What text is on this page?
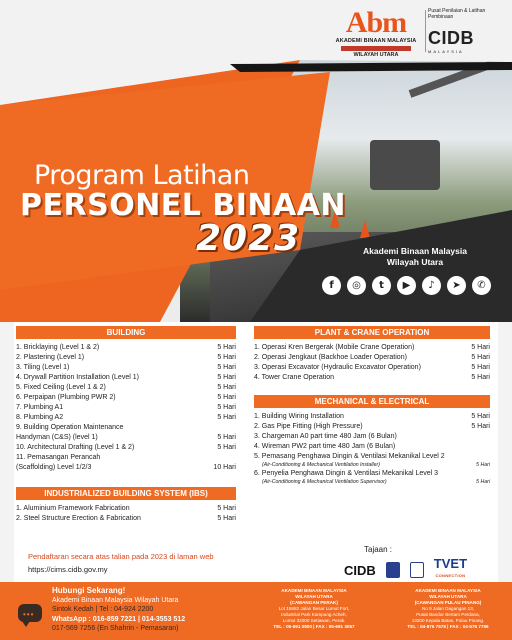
Abm
AKADEMI BINAAN MALAYSIA
WILAYAH UTARA
Pusat Penilaian & Latihan Pembinaan
CIDB
MALAYSIA
Program Latihan
PERSONEL BINAAN
2023	Akademi Binaan Malaysia
Wilayah Utara
f	◎	t	▶	♪	➤	✆
BUILDING
1. Bricklaying (Level 1 & 2)	5 Hari
2. Plastering (Level 1)	5 Hari
3. Tiling (Level 1)	5 Hari
4. Drywall Partition Installation (Level 1)	5 Hari
5. Fixed Ceiling (Level 1 & 2)	5 Hari
6. Perpaipan (Plumbing PWR 2)	5 Hari
7. Plumbing A1	5 Hari
8. Plumbing A2	5 Hari
9. Building Operation Maintenance
Handyman (C&S) (level 1)	5 Hari
10. Architectural Drafting (Level 1 & 2)	5 Hari
11. Pemasangan Perancah
(Scaffolding) Level 1/2/3	10 Hari
INDUSTRIALIZED BUILDING SYSTEM (IBS)
1. Aluminium Framework Fabrication	5 Hari
2. Steel Structure Erection & Fabrication	5 Hari
PLANT & CRANE OPERATION
1. Operasi Kren Bergerak (Mobile Crane Operation)	5 Hari
2. Operasi Jengkaut (Backhoe Loader Operation)	5 Hari
3. Operasi Excavator (Hydraulic Excavator Operation)	5 Hari
4. Tower Crane Operation	5 Hari
MECHANICAL & ELECTRICAL
1. Building Wiring Installation	5 Hari
2. Gas Pipe Fitting (High Pressure)	5 Hari
3. Chargeman A0 part time 480 Jam (6 Bulan)
4. Wireman PW2 part time 480 Jam (6 Bulan)
5. Pemasang Penghawa Dingin & Ventilasi Mekanikal Level 2
(Air-Conditioning & Mechanical Ventilation Installer)	5 Hari
6. Penyelia Penghawa Dingin & Ventilasi Mekanikal Level 3
(Air-Conditioning & Mechanical Ventilation Supervisor)	5 Hari
Pendaftaran secara atas talian pada 2023 di laman web
https://cims.cidb.gov.my
Tajaan :
CIDB	TVET
CONNECTION
•••
Hubungi Sekarang!
Akademi Binaan Malaysia Wilayah Utara
Sintok Kedah | Tel : 04-924 2200
WhatsApp : 016-859 7221 | 014-3553 512
017-569 7256 (En Shahrin - Pemasaran)
AKADEMI BINAAN MALAYSIA
WILAYAH UTARA
(CAWANGAN PERAK)
Lot 15882 Jalan Besar Lumut Fort,
Industrial Park Kampung Acheh,
Lumut 32000 Setiawan, Perak.
TEL : 05-691 0800 | FAX : 05-691 3057
AKADEMI BINAAN MALAYSIA
WILAYAH UTARA
(CAWANGAN PULAU PINANG)
No 9 Jalan Dagangan 13,
Pusat Bandar Bertam Perdana,
13200 Kepala Batas, Pulau Pinang.
TEL : 04-576 7578 | FAX : 04-576 7796
